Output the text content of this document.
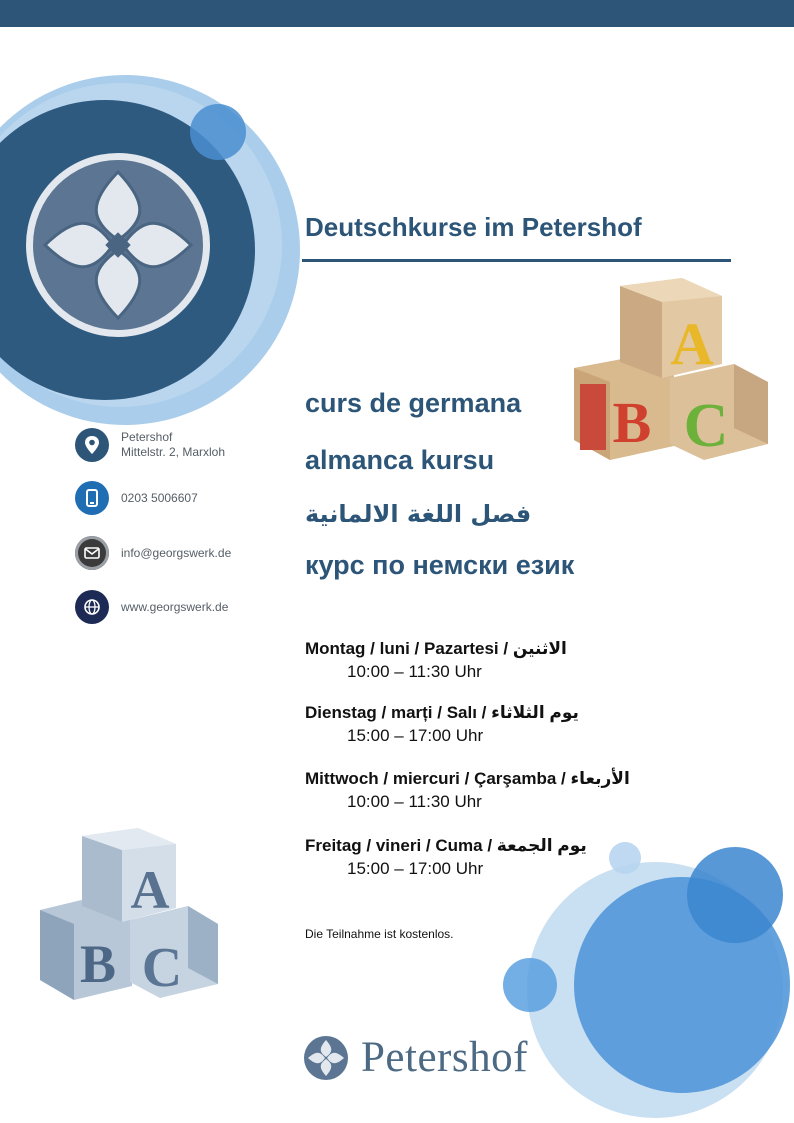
Deutschkurse im Petershof
B C
A
curs de germana
almanca kursu
فصل اللغة الالمانية
курс по немски език
Petershof
Mittelstr. 2, Marxloh
0203 5006607
info@georgswerk.de
www.georgswerk.de
Montag / luni / Pazartesi / الاثنين
10:00 – 11:30 Uhr
Dienstag / marți / Salı / يوم الثلاثاء
15:00 – 17:00 Uhr
Mittwoch / miercuri / Çarşamba / الأربعاء
10:00 – 11:30 Uhr
Freitag / vineri / Cuma / يوم الجمعة
15:00 – 17:00 Uhr
Die Teilnahme ist kostenlos.
B C
A
Petershof
